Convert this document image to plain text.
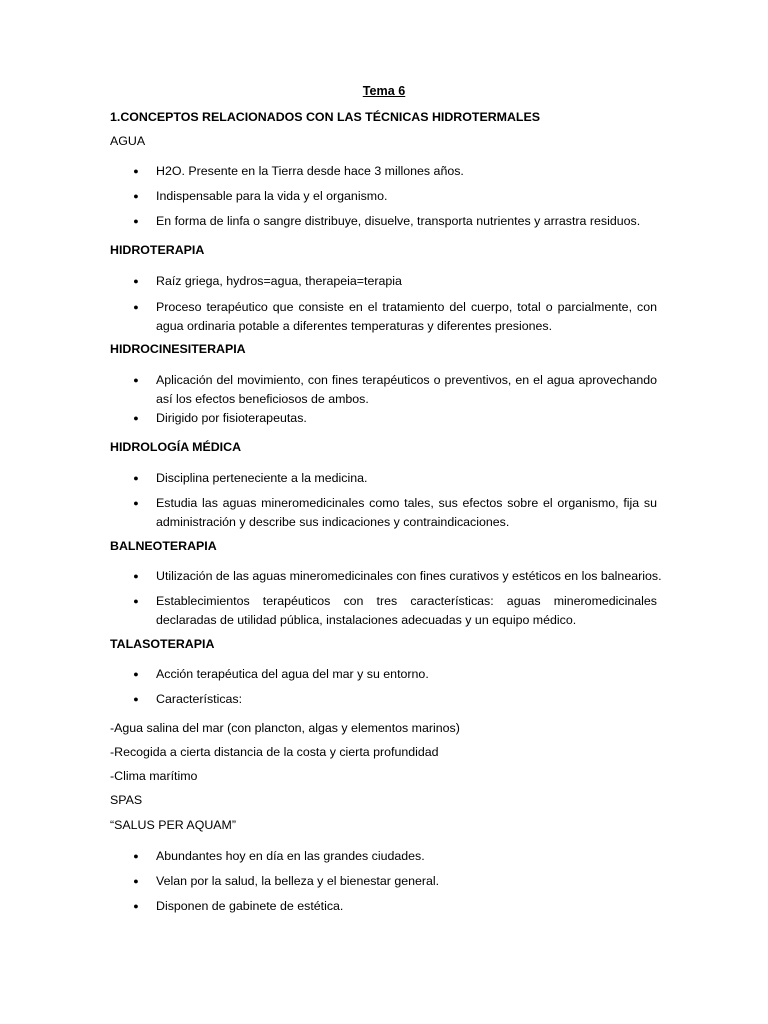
Tema 6
1.CONCEPTOS RELACIONADOS CON LAS TÉCNICAS HIDROTERMALES
AGUA
● H2O. Presente en la Tierra desde hace 3 millones años.
● Indispensable para la vida y el organismo.
● En forma de linfa o sangre distribuye, disuelve, transporta nutrientes y arrastra residuos.
HIDROTERAPIA
● Raíz griega, hydros=agua, therapeia=terapia
● Proceso terapéutico que consiste en el tratamiento del cuerpo, total o parcialmente, con agua ordinaria potable a diferentes temperaturas y diferentes presiones.
HIDROCINESITERAPIA
● Aplicación del movimiento, con fines terapéuticos o preventivos, en el agua aprovechando así los efectos beneficiosos de ambos.
● Dirigido por fisioterapeutas.
HIDROLOGÍA MÉDICA
● Disciplina perteneciente a la medicina.
● Estudia las aguas mineromedicinales como tales, sus efectos sobre el organismo, fija su administración y describe sus indicaciones y contraindicaciones.
BALNEOTERAPIA
● Utilización de las aguas mineromedicinales con fines curativos y estéticos en los balnearios.
● Establecimientos terapéuticos con tres características: aguas mineromedicinales declaradas de utilidad pública, instalaciones adecuadas y un equipo médico.
TALASOTERAPIA
● Acción terapéutica del agua del mar y su entorno.
● Características:
-Agua salina del mar (con plancton, algas y elementos marinos)
-Recogida a cierta distancia de la costa y cierta profundidad
-Clima marítimo
SPAS
“SALUS PER AQUAM”
● Abundantes hoy en día en las grandes ciudades.
● Velan por la salud, la belleza y el bienestar general.
● Disponen de gabinete de estética.
